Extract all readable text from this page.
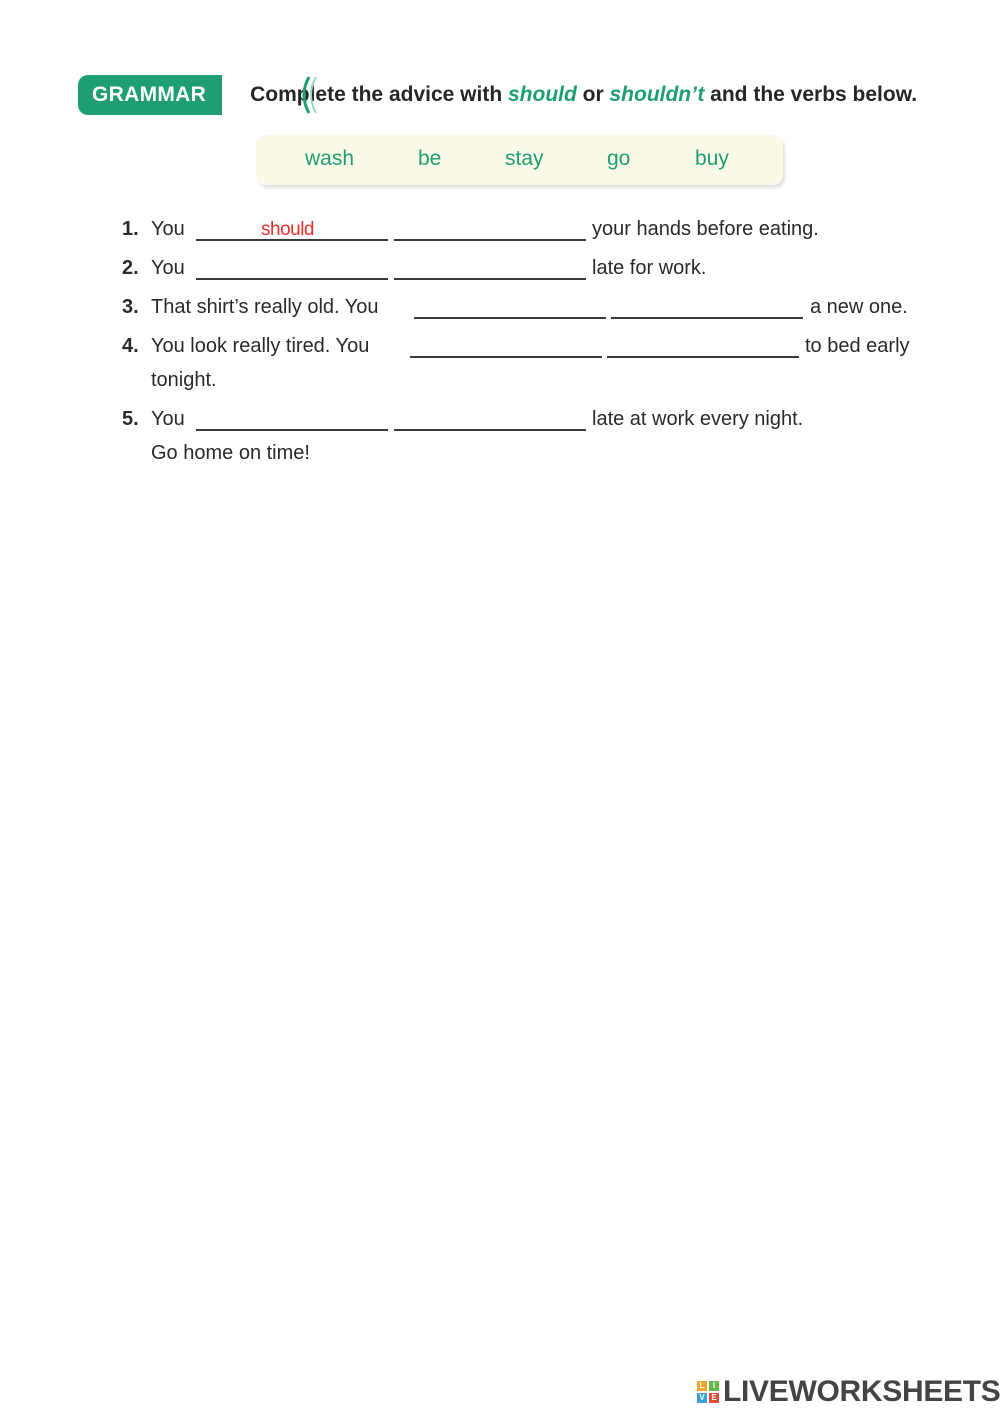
GRAMMAR	Complete the advice with should or shouldn’t and the verbs below.
wash	be	stay	go	buy
1. You	should	your hands before eating.
2. You	late for work.
3. That shirt’s really old. You	a new one.
4. You look really tired. You	to bed early
tonight.
5. You	late at work every night.
Go home on time!
L	I
V E LIVEWORKSHEETS
